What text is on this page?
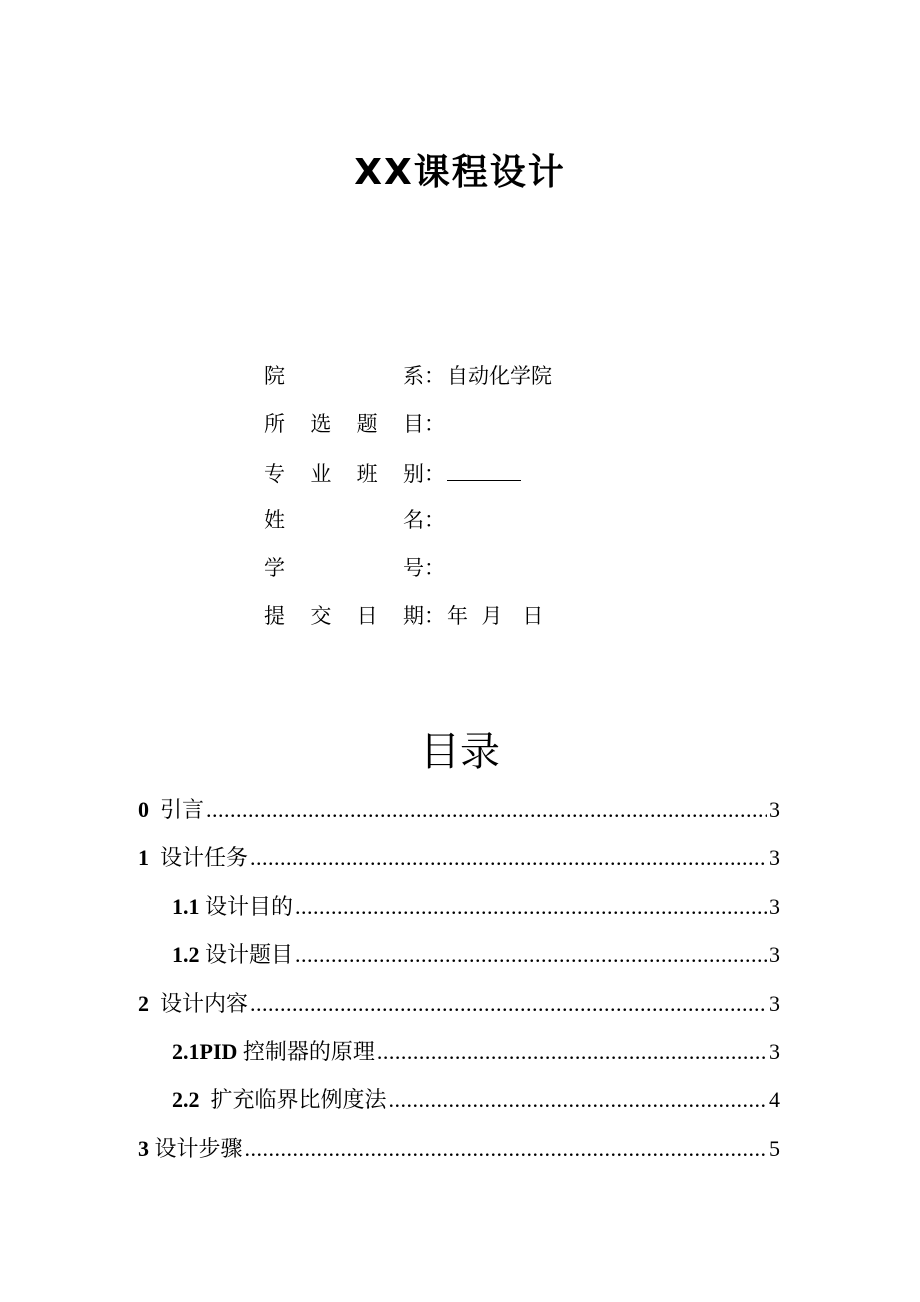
XX课程设计
院	系 ： 自动化学院
所 选 题 目 ：
专 业 班 别 ：
姓	名 ：
学	号 ：
提 交 日 期 ： 年  月   日
目录
0  引言 .....	3
1  设计任务 .....	3
1.1 设计目的 .....	3
1.2 设计题目 .....	3
2  设计内容 .....	3
2.1PID 控制器的原理 .....	3
2.2  扩充临界比例度法 .....	4
3 设计步骤 .....	5
